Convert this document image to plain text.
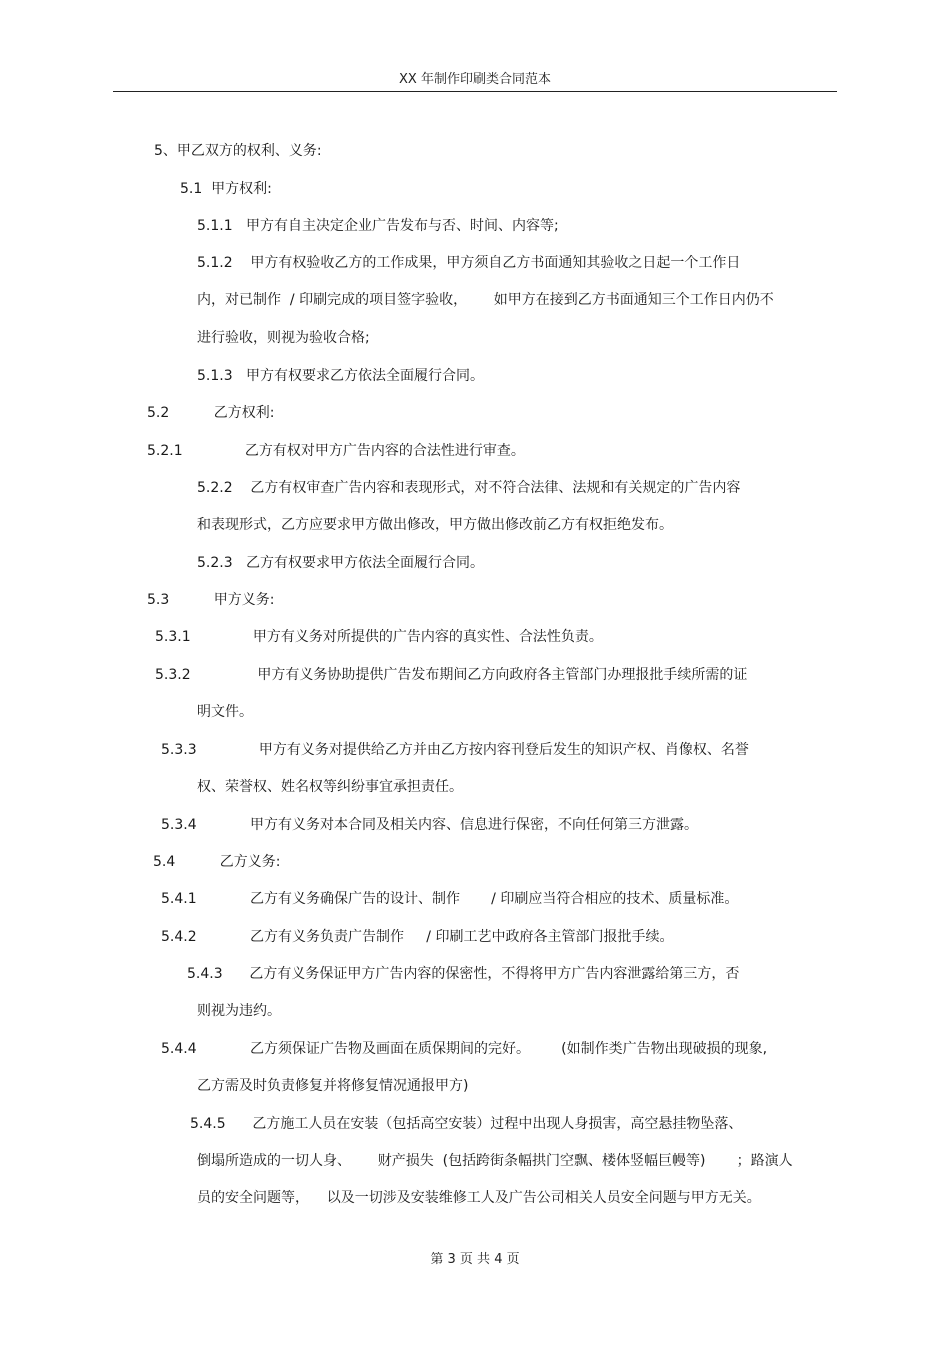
XX 年制作印刷类合同范本
5、甲乙双方的权利、义务:
5.1  甲方权利:
5.1.1   甲方有自主决定企业广告发布与否、时间、内容等;
5.1.2    甲方有权验收乙方的工作成果，甲方须自乙方书面通知其验收之日起一个工作日
内，对已制作  / 印刷完成的项目签字验收，      如甲方在接到乙方书面通知三个工作日内仍不
进行验收，则视为验收合格;
5.1.3   甲方有权要求乙方依法全面履行合同。
5.2          乙方权利:
5.2.1              乙方有权对甲方广告内容的合法性进行审查。
5.2.2    乙方有权审查广告内容和表现形式，对不符合法律、法规和有关规定的广告内容
和表现形式，乙方应要求甲方做出修改，甲方做出修改前乙方有权拒绝发布。
5.2.3   乙方有权要求甲方依法全面履行合同。
5.3          甲方义务:
5.3.1              甲方有义务对所提供的广告内容的真实性、合法性负责。
5.3.2               甲方有义务协助提供广告发布期间乙方向政府各主管部门办理报批手续所需的证
明文件。
5.3.3              甲方有义务对提供给乙方并由乙方按内容刊登后发生的知识产权、肖像权、名誉
权、荣誉权、姓名权等纠纷事宜承担责任。
5.3.4            甲方有义务对本合同及相关内容、信息进行保密，不向任何第三方泄露。
5.4          乙方义务:
5.4.1            乙方有义务确保广告的设计、制作       / 印刷应当符合相应的技术、质量标准。
5.4.2            乙方有义务负责广告制作     / 印刷工艺中政府各主管部门报批手续。
5.4.3      乙方有义务保证甲方广告内容的保密性，不得将甲方广告内容泄露给第三方，否
则视为违约。
5.4.4            乙方须保证广告物及画面在质保期间的完好。       (如制作类广告物出现破损的现象,
乙方需及时负责修复并将修复情况通报甲方)
5.4.5      乙方施工人员在安装（包括高空安装）过程中出现人身损害，高空悬挂物坠落、
倒塌所造成的一切人身、      财产损失  (包括跨街条幅拱门空飘、楼体竖幅巨幔等)       ；路演人
员的安全问题等，    以及一切涉及安装维修工人及广告公司相关人员安全问题与甲方无关。
第 3 页 共 4 页
